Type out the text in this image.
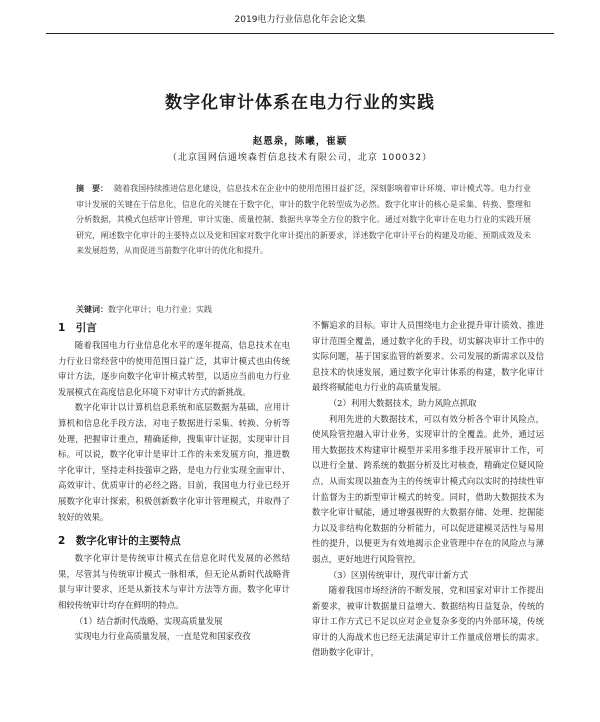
2019电力行业信息化年会论文集
数字化审计体系在电力行业的实践
赵恩泉，陈曦，崔颖
（北京国网信通埃森哲信息技术有限公司，北京 100032）
摘　要： 随着我国持续推进信息化建设，信息技术在企业中的使用范围日益扩泛，深刻影响着审计环境、审计模式等。电力行业审计发展的关键在于信息化，信息化的关键在于数字化，审计的数字化转型成为必然。数字化审计的核心是采集、转换、整理和分析数据，其模式包括审计管理、审计实施、质量控制、数据共享等全方位的数字化。通过对数字化审计在电力行业的实践开展研究，阐述数字化审计的主要特点以及党和国家对数字化审计提出的新要求，详述数字化审计平台的构建及功能、预期成效及未来发展趋势，从而促进当前数字化审计的优化和提升。
关键词：数字化审计；电力行业；实践
1　引言

随着我国电力行业信息化水平的逐年提高，信息技术在电力行业日常经营中的使用范围日益广泛，其审计模式也由传统审计方法，逐步向数字化审计模式转型，以适应当前电力行业发展模式在高度信息化环境下对审计方式的新挑战。

数字化审计以计算机信息系统和底层数据为基础，应用计算机和信息化手段方法，对电子数据进行采集、转换、分析等处理，把握审计重点，精确延伸，搜集审计证据，实现审计目标。可以说，数字化审计是审计工作的未来发展方向，推进数字化审计，坚持走科技强审之路，是电力行业实现全面审计、高效审计、优质审计的必经之路。目前，我国电力行业已经开展数字化审计探索，积极创新数字化审计管理模式，并取得了较好的效果。

2　数字化审计的主要特点

数字化审计是传统审计模式在信息化时代发展的必然结果，尽管其与传统审计模式一脉相承，但无论从新时代战略背景与审计要求，还是从新技术与审计方法等方面，数字化审计相较传统审计均存在鲜明的特点。

（1）结合新时代战略，实现高质量发展

实现电力行业高质量发展，一直是党和国家孜孜

不懈追求的目标。审计人员围绕电力企业提升审计质效、推进审计范围全覆盖，通过数字化的手段，切实解决审计工作中的实际问题，基于国家监管的新要求、公司发展的新需求以及信息技术的快速发展，通过数字化审计体系的构建，数字化审计最终将赋能电力行业的高质量发展。

（2）利用大数据技术，助力风险点抓取

利用先进的大数据技术，可以有效分析各个审计风险点，使风险管控融入审计业务，实现审计的全覆盖。此外，通过运用大数据技术构建审计模型并采用多维手段开展审计工作，可以进行全量、跨系统的数据分析及比对核查，精确定位疑风险点，从而实现以抽查为主的传统审计模式向以实时的持续性审计监督为主的新型审计模式的转变。同时，借助大数据技术为数字化审计赋能，通过增强视野的大数据存储、处理、挖掘能力以及非结构化数据的分析能力，可以促进建模灵活性与易用性的提升，以便更为有效地揭示企业管理中存在的风险点与薄弱点，更好地进行风险管控。

（3）区别传统审计，现代审计新方式

随着我国市场经济的不断发展，党和国家对审计工作提出新要求，被审计数据量日益增大、数据结构日益复杂，传统的审计工作方式已不足以应对企业复杂多变的内外部环境，传统审计的人海战术也已经无法满足审计工作量成倍增长的需求。借助数字化审计，
